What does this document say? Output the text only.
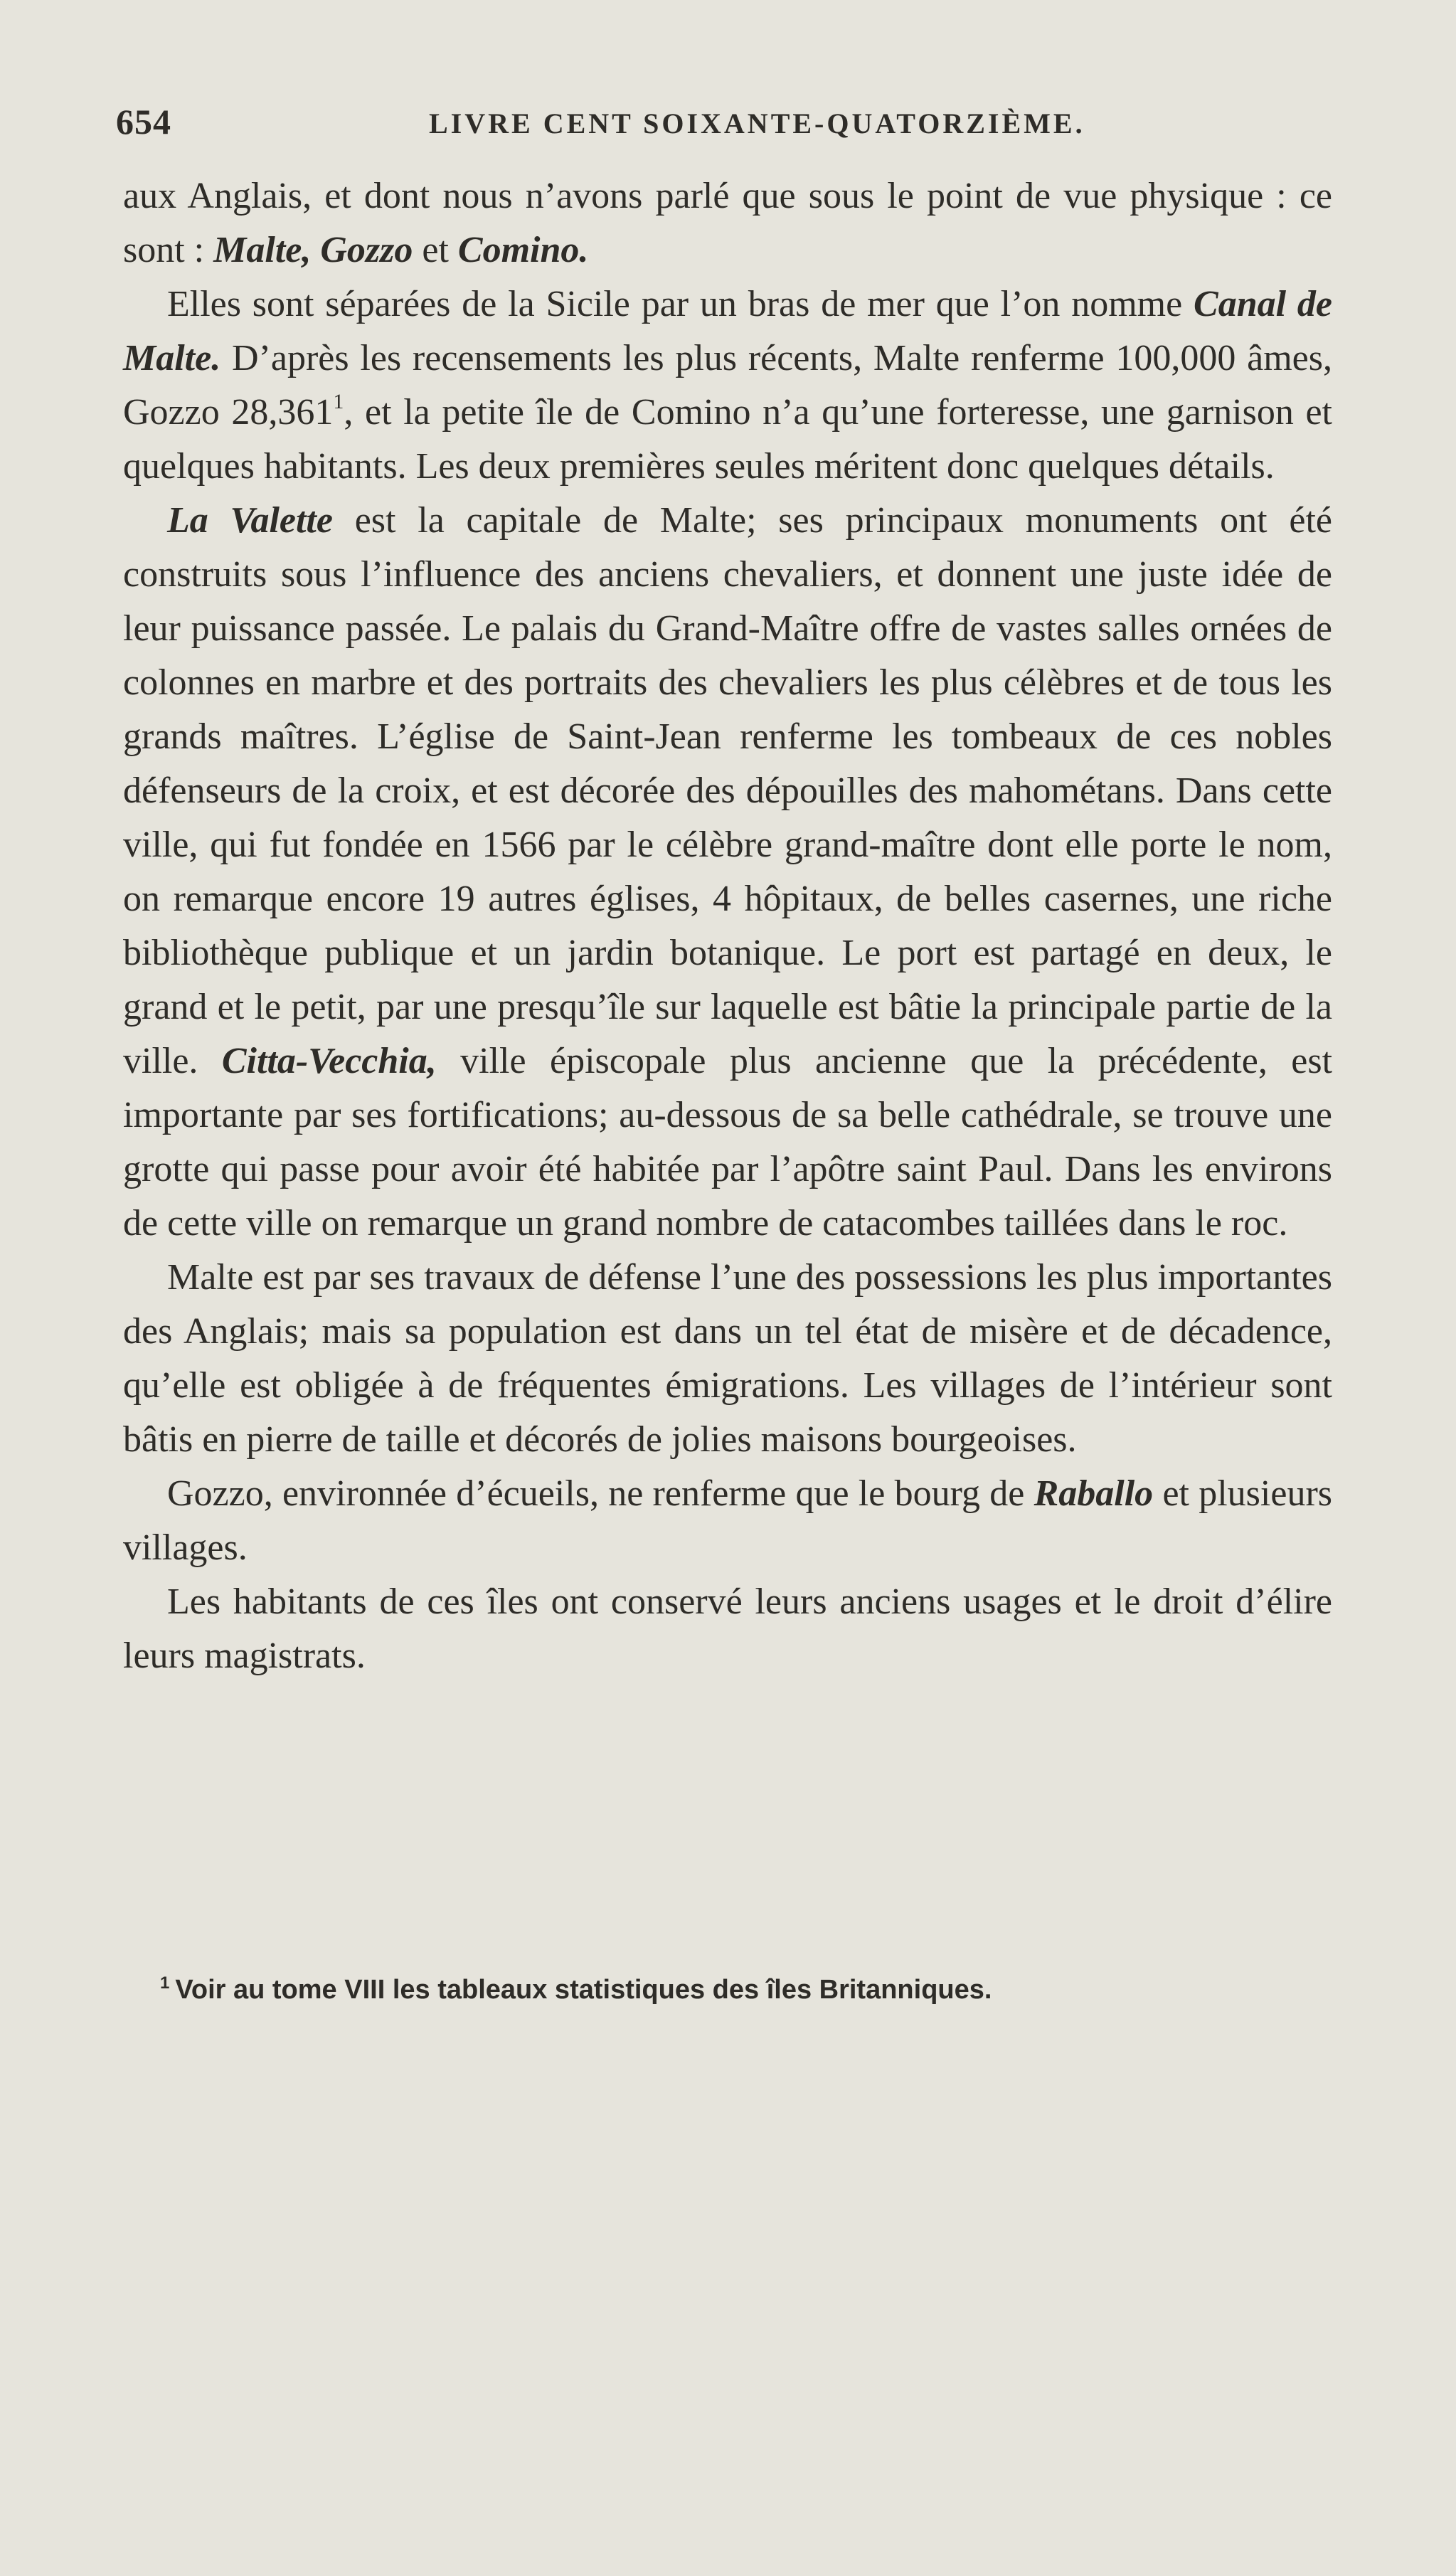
654	LIVRE CENT SOIXANTE-QUATORZIÈME.

aux Anglais, et dont nous n’avons parlé que sous le point de vue physique : ce sont : Malte, Gozzo et Comino.

Elles sont séparées de la Sicile par un bras de mer que l’on nomme Canal de Malte. D’après les recensements les plus récents, Malte renferme 100,000 âmes, Gozzo 28,361$^1$, et la petite île de Comino n’a qu’une forteresse, une garnison et quelques habitants. Les deux premières seules méritent donc quelques détails.

La Valette est la capitale de Malte; ses principaux monuments ont été construits sous l’influence des anciens chevaliers, et donnent une juste idée de leur puissance passée. Le palais du Grand-Maître offre de vastes salles ornées de colonnes en marbre et des portraits des chevaliers les plus célèbres et de tous les grands maîtres. L’église de Saint-Jean renferme les tombeaux de ces nobles défenseurs de la croix, et est décorée des dépouilles des mahométans. Dans cette ville, qui fut fondée en 1566 par le célèbre grand-maître dont elle porte le nom, on remarque encore 19 autres églises, 4 hôpitaux, de belles casernes, une riche bibliothèque publique et un jardin botanique. Le port est partagé en deux, le grand et le petit, par une presqu’île sur laquelle est bâtie la principale partie de la ville. Citta-Vecchia, ville épiscopale plus ancienne que la précédente, est importante par ses fortifications; au-dessous de sa belle cathédrale, se trouve une grotte qui passe pour avoir été habitée par l’apôtre saint Paul. Dans les environs de cette ville on remarque un grand nombre de catacombes taillées dans le roc.

Malte est par ses travaux de défense l’une des possessions les plus importantes des Anglais; mais sa population est dans un tel état de misère et de décadence, qu’elle est obligée à de fréquentes émigrations. Les villages de l’intérieur sont bâtis en pierre de taille et décorés de jolies maisons bourgeoises.

Gozzo, environnée d’écueils, ne renferme que le bourg de Raballo et plusieurs villages.

Les habitants de ces îles ont conservé leurs anciens usages et le droit d’élire leurs magistrats.

$^1$ Voir au tome VIII les tableaux statistiques des îles Britanniques.
